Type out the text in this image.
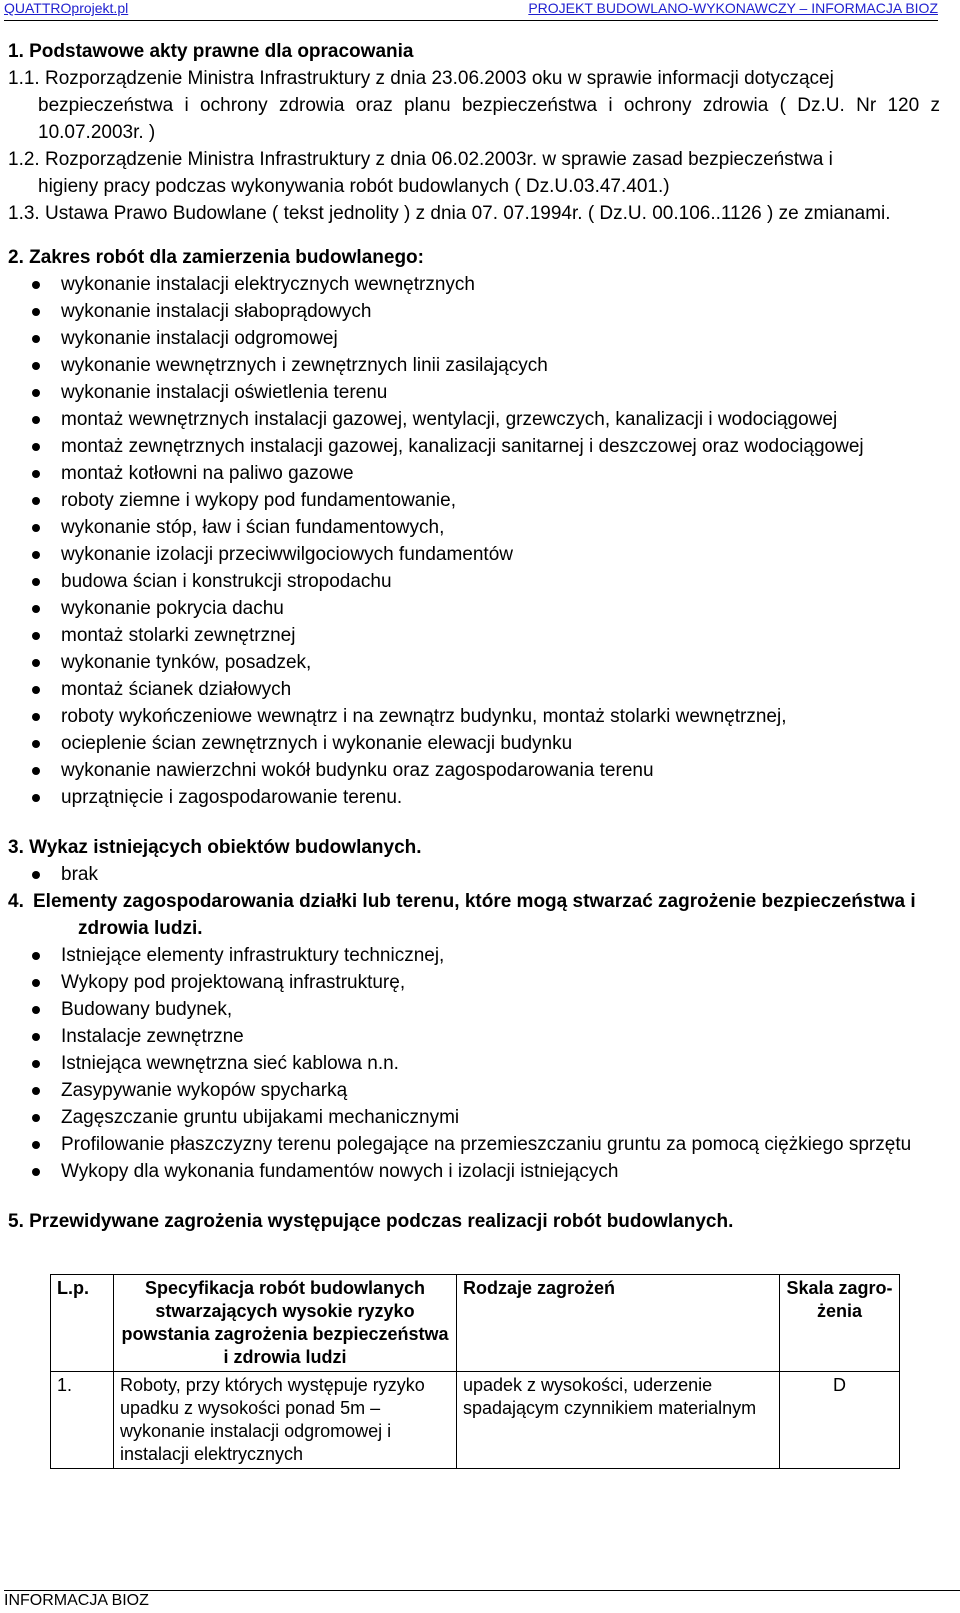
QUATTROprojekt.pl	PROJEKT BUDOWLANO-WYKONAWCZY – INFORMACJA BIOZ

1. Podstawowe akty prawne dla opracowania

1.1. Rozporządzenie Ministra Infrastruktury z dnia 23.06.2003 oku w sprawie informacji dotyczącej
bezpieczeństwa i ochrony zdrowia oraz planu bezpieczeństwa i ochrony zdrowia ( Dz.U. Nr 120 z 10.07.2003r. )
1.2. Rozporządzenie Ministra Infrastruktury z dnia 06.02.2003r. w sprawie zasad bezpieczeństwa i
higieny pracy podczas wykonywania robót budowlanych ( Dz.U.03.47.401.)
1.3. Ustawa Prawo Budowlane ( tekst jednolity ) z dnia 07. 07.1994r. ( Dz.U. 00.106..1126 ) ze zmianami.

2. Zakres robót dla zamierzenia budowlanego:

wykonanie instalacji elektrycznych wewnętrznych
wykonanie instalacji słaboprądowych
wykonanie instalacji odgromowej
wykonanie wewnętrznych i zewnętrznych linii zasilających
wykonanie instalacji oświetlenia terenu
montaż wewnętrznych instalacji gazowej, wentylacji, grzewczych, kanalizacji i wodociągowej
montaż zewnętrznych instalacji gazowej, kanalizacji sanitarnej i deszczowej oraz wodociągowej
montaż kotłowni na paliwo gazowe
roboty ziemne i wykopy pod fundamentowanie,
wykonanie stóp, ław i ścian fundamentowych,
wykonanie izolacji przeciwwilgociowych fundamentów
budowa ścian i konstrukcji stropodachu
wykonanie pokrycia dachu
montaż stolarki zewnętrznej
wykonanie tynków, posadzek,
montaż ścianek działowych
roboty wykończeniowe wewnątrz i na zewnątrz budynku, montaż stolarki wewnętrznej,
ocieplenie ścian zewnętrznych i wykonanie elewacji budynku
wykonanie nawierzchni wokół budynku oraz zagospodarowania terenu
uprzątnięcie i zagospodarowanie terenu.

3. Wykaz istniejących obiektów budowlanych.

brak
4. Elementy zagospodarowania działki lub terenu, które mogą stwarzać zagrożenie bezpieczeństwa i
zdrowia ludzi.
Istniejące elementy infrastruktury technicznej,
Wykopy pod projektowaną infrastrukturę,
Budowany budynek,
Instalacje zewnętrzne
Istniejąca wewnętrzna sieć kablowa n.n.
Zasypywanie wykopów spycharką
Zagęszczanie gruntu ubijakami mechanicznymi
Profilowanie płaszczyzny terenu polegające na przemieszczaniu gruntu za pomocą ciężkiego sprzętu
Wykopy dla wykonania fundamentów nowych i izolacji istniejących

5. Przewidywane zagrożenia występujące podczas realizacji robót budowlanych.

L.p.	Specyfikacja robót budowlanych stwarzających wysokie ryzyko powstania zagrożenia bezpieczeństwa i zdrowia ludzi	Rodzaje zagrożeń	Skala zagro-żenia
1.	Roboty, przy których występuje ryzyko upadku z wysokości ponad 5m – wykonanie instalacji odgromowej i instalacji elektrycznych	upadek z wysokości, uderzenie spadającym czynnikiem materialnym	D
INFORMACJA BIOZ
